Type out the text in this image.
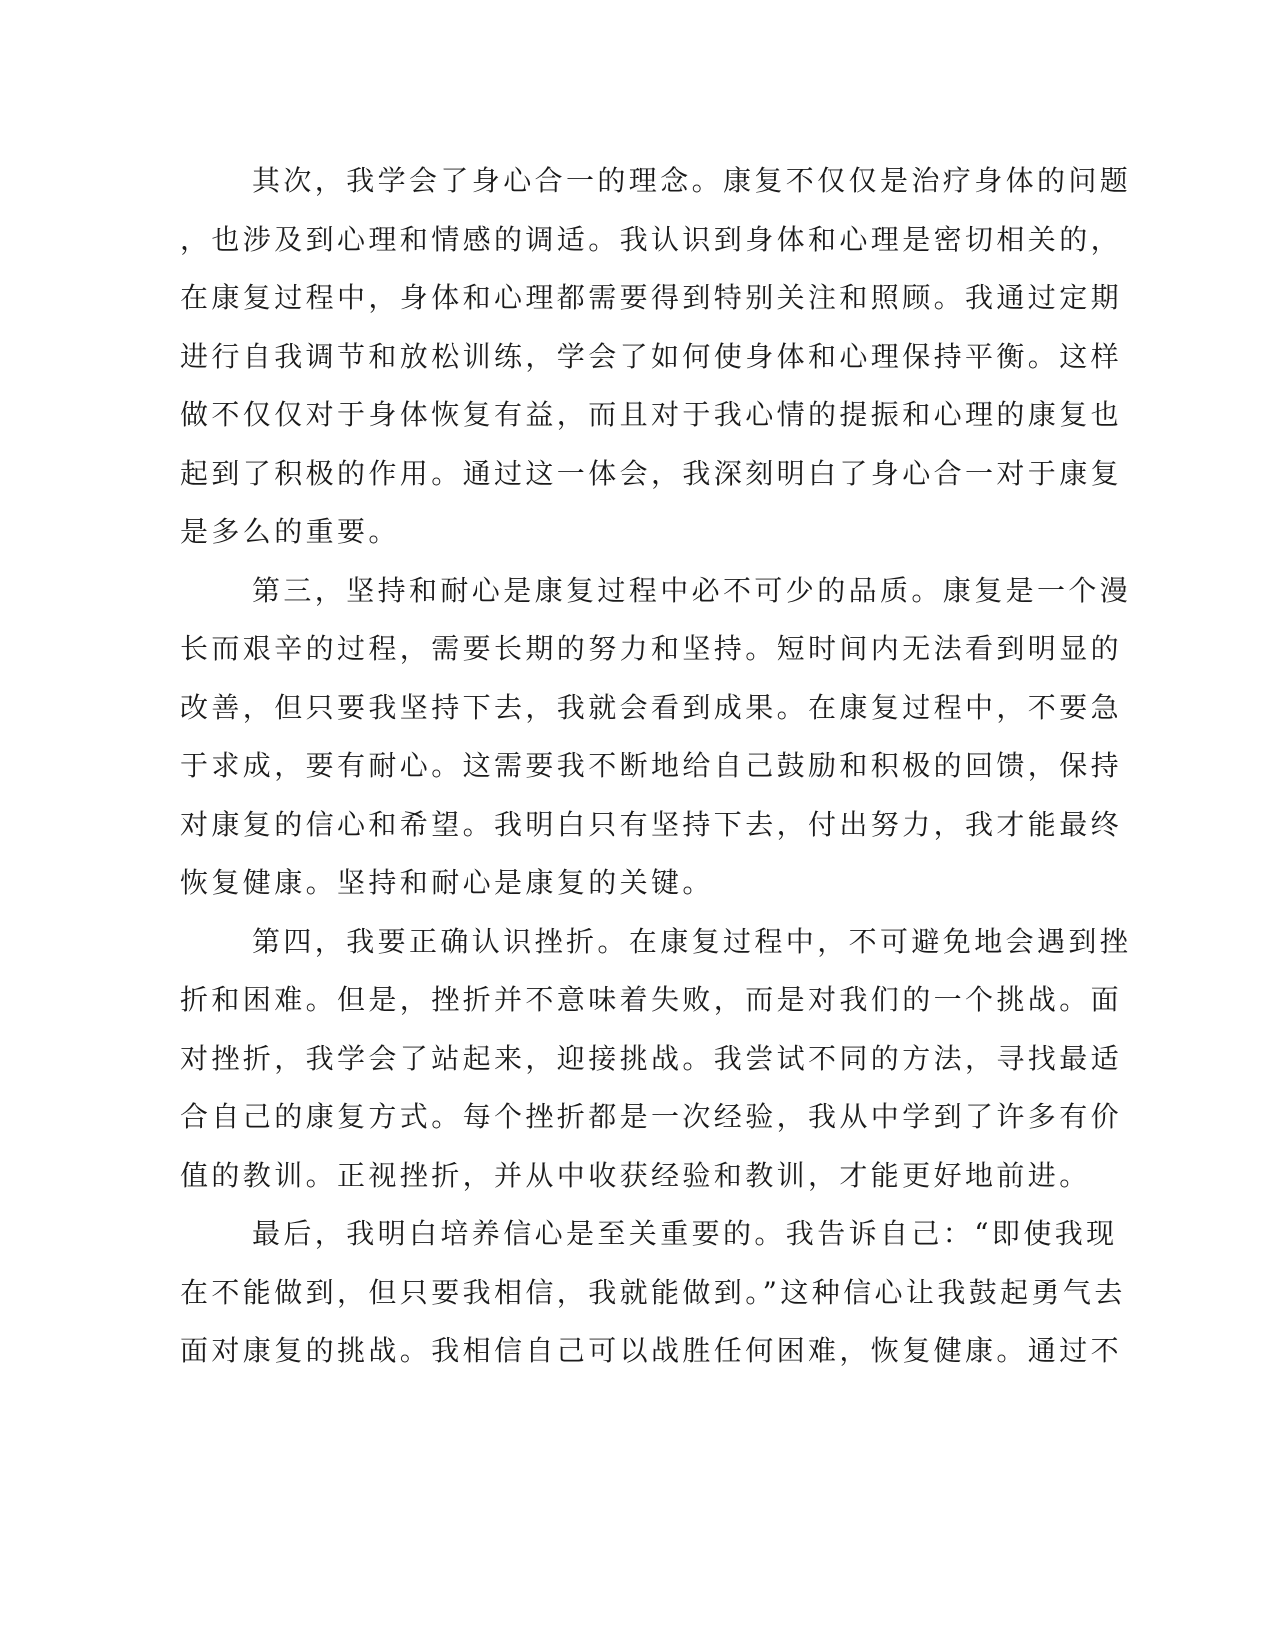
其次，我学会了身心合一的理念。康复不仅仅是治疗身体的问题
，也涉及到心理和情感的调适。我认识到身体和心理是密切相关的，
在康复过程中，身体和心理都需要得到特别关注和照顾。我通过定期
进行自我调节和放松训练，学会了如何使身体和心理保持平衡。这样
做不仅仅对于身体恢复有益，而且对于我心情的提振和心理的康复也
起到了积极的作用。通过这一体会，我深刻明白了身心合一对于康复
是多么的重要。
第三，坚持和耐心是康复过程中必不可少的品质。康复是一个漫
长而艰辛的过程，需要长期的努力和坚持。短时间内无法看到明显的
改善，但只要我坚持下去，我就会看到成果。在康复过程中，不要急
于求成，要有耐心。这需要我不断地给自己鼓励和积极的回馈，保持
对康复的信心和希望。我明白只有坚持下去，付出努力，我才能最终
恢复健康。坚持和耐心是康复的关键。
第四，我要正确认识挫折。在康复过程中，不可避免地会遇到挫
折和困难。但是，挫折并不意味着失败，而是对我们的一个挑战。面
对挫折，我学会了站起来，迎接挑战。我尝试不同的方法，寻找最适
合自己的康复方式。每个挫折都是一次经验，我从中学到了许多有价
值的教训。正视挫折，并从中收获经验和教训，才能更好地前进。
最后，我明白培养信心是至关重要的。我告诉自己：“即使我现
在不能做到，但只要我相信，我就能做到。”这种信心让我鼓起勇气去
面对康复的挑战。我相信自己可以战胜任何困难，恢复健康。通过不
